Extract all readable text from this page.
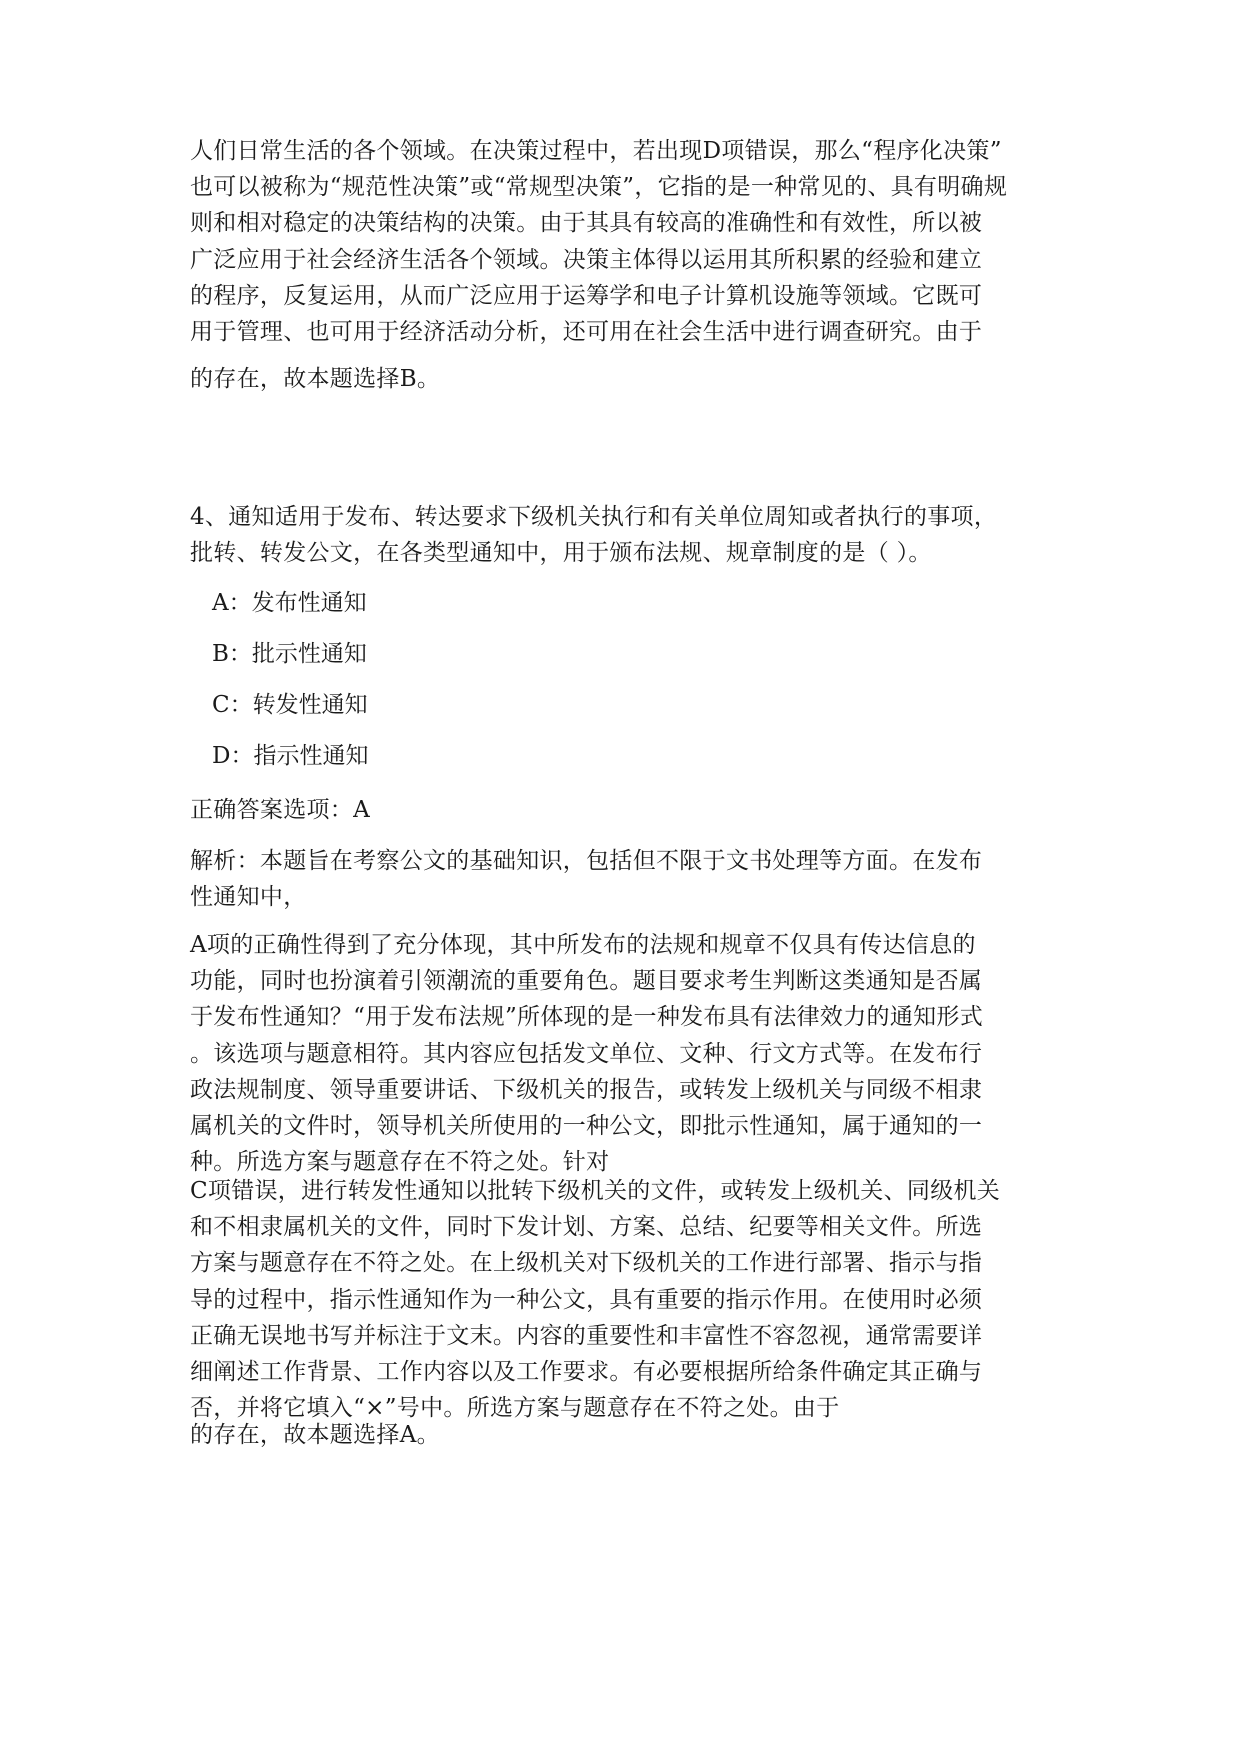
人们日常生活的各个领域。在决策过程中，若出现D项错误，那么“程序化决策”
也可以被称为“规范性决策”或“常规型决策”，它指的是一种常见的、具有明确规
则和相对稳定的决策结构的决策。由于其具有较高的准确性和有效性，所以被
广泛应用于社会经济生活各个领域。决策主体得以运用其所积累的经验和建立
的程序，反复运用，从而广泛应用于运筹学和电子计算机设施等领域。它既可
用于管理、也可用于经济活动分析，还可用在社会生活中进行调查研究。由于
的存在，故本题选择B。
4、通知适用于发布、转达要求下级机关执行和有关单位周知或者执行的事项，
批转、转发公文，在各类型通知中，用于颁布法规、规章制度的是（ ）。
A：发布性通知
B：批示性通知
C：转发性通知
D：指示性通知
正确答案选项：A
解析：本题旨在考察公文的基础知识，包括但不限于文书处理等方面。在发布
性通知中，
A项的正确性得到了充分体现，其中所发布的法规和规章不仅具有传达信息的
功能，同时也扮演着引领潮流的重要角色。题目要求考生判断这类通知是否属
于发布性通知？“用于发布法规”所体现的是一种发布具有法律效力的通知形式
。该选项与题意相符。其内容应包括发文单位、文种、行文方式等。在发布行
政法规制度、领导重要讲话、下级机关的报告，或转发上级机关与同级不相隶
属机关的文件时，领导机关所使用的一种公文，即批示性通知，属于通知的一
种。所选方案与题意存在不符之处。针对
C项错误，进行转发性通知以批转下级机关的文件，或转发上级机关、同级机关
和不相隶属机关的文件，同时下发计划、方案、总结、纪要等相关文件。所选
方案与题意存在不符之处。在上级机关对下级机关的工作进行部署、指示与指
导的过程中，指示性通知作为一种公文，具有重要的指示作用。在使用时必须
正确无误地书写并标注于文末。内容的重要性和丰富性不容忽视，通常需要详
细阐述工作背景、工作内容以及工作要求。有必要根据所给条件确定其正确与
否，并将它填入“×”号中。所选方案与题意存在不符之处。由于
的存在，故本题选择A。
